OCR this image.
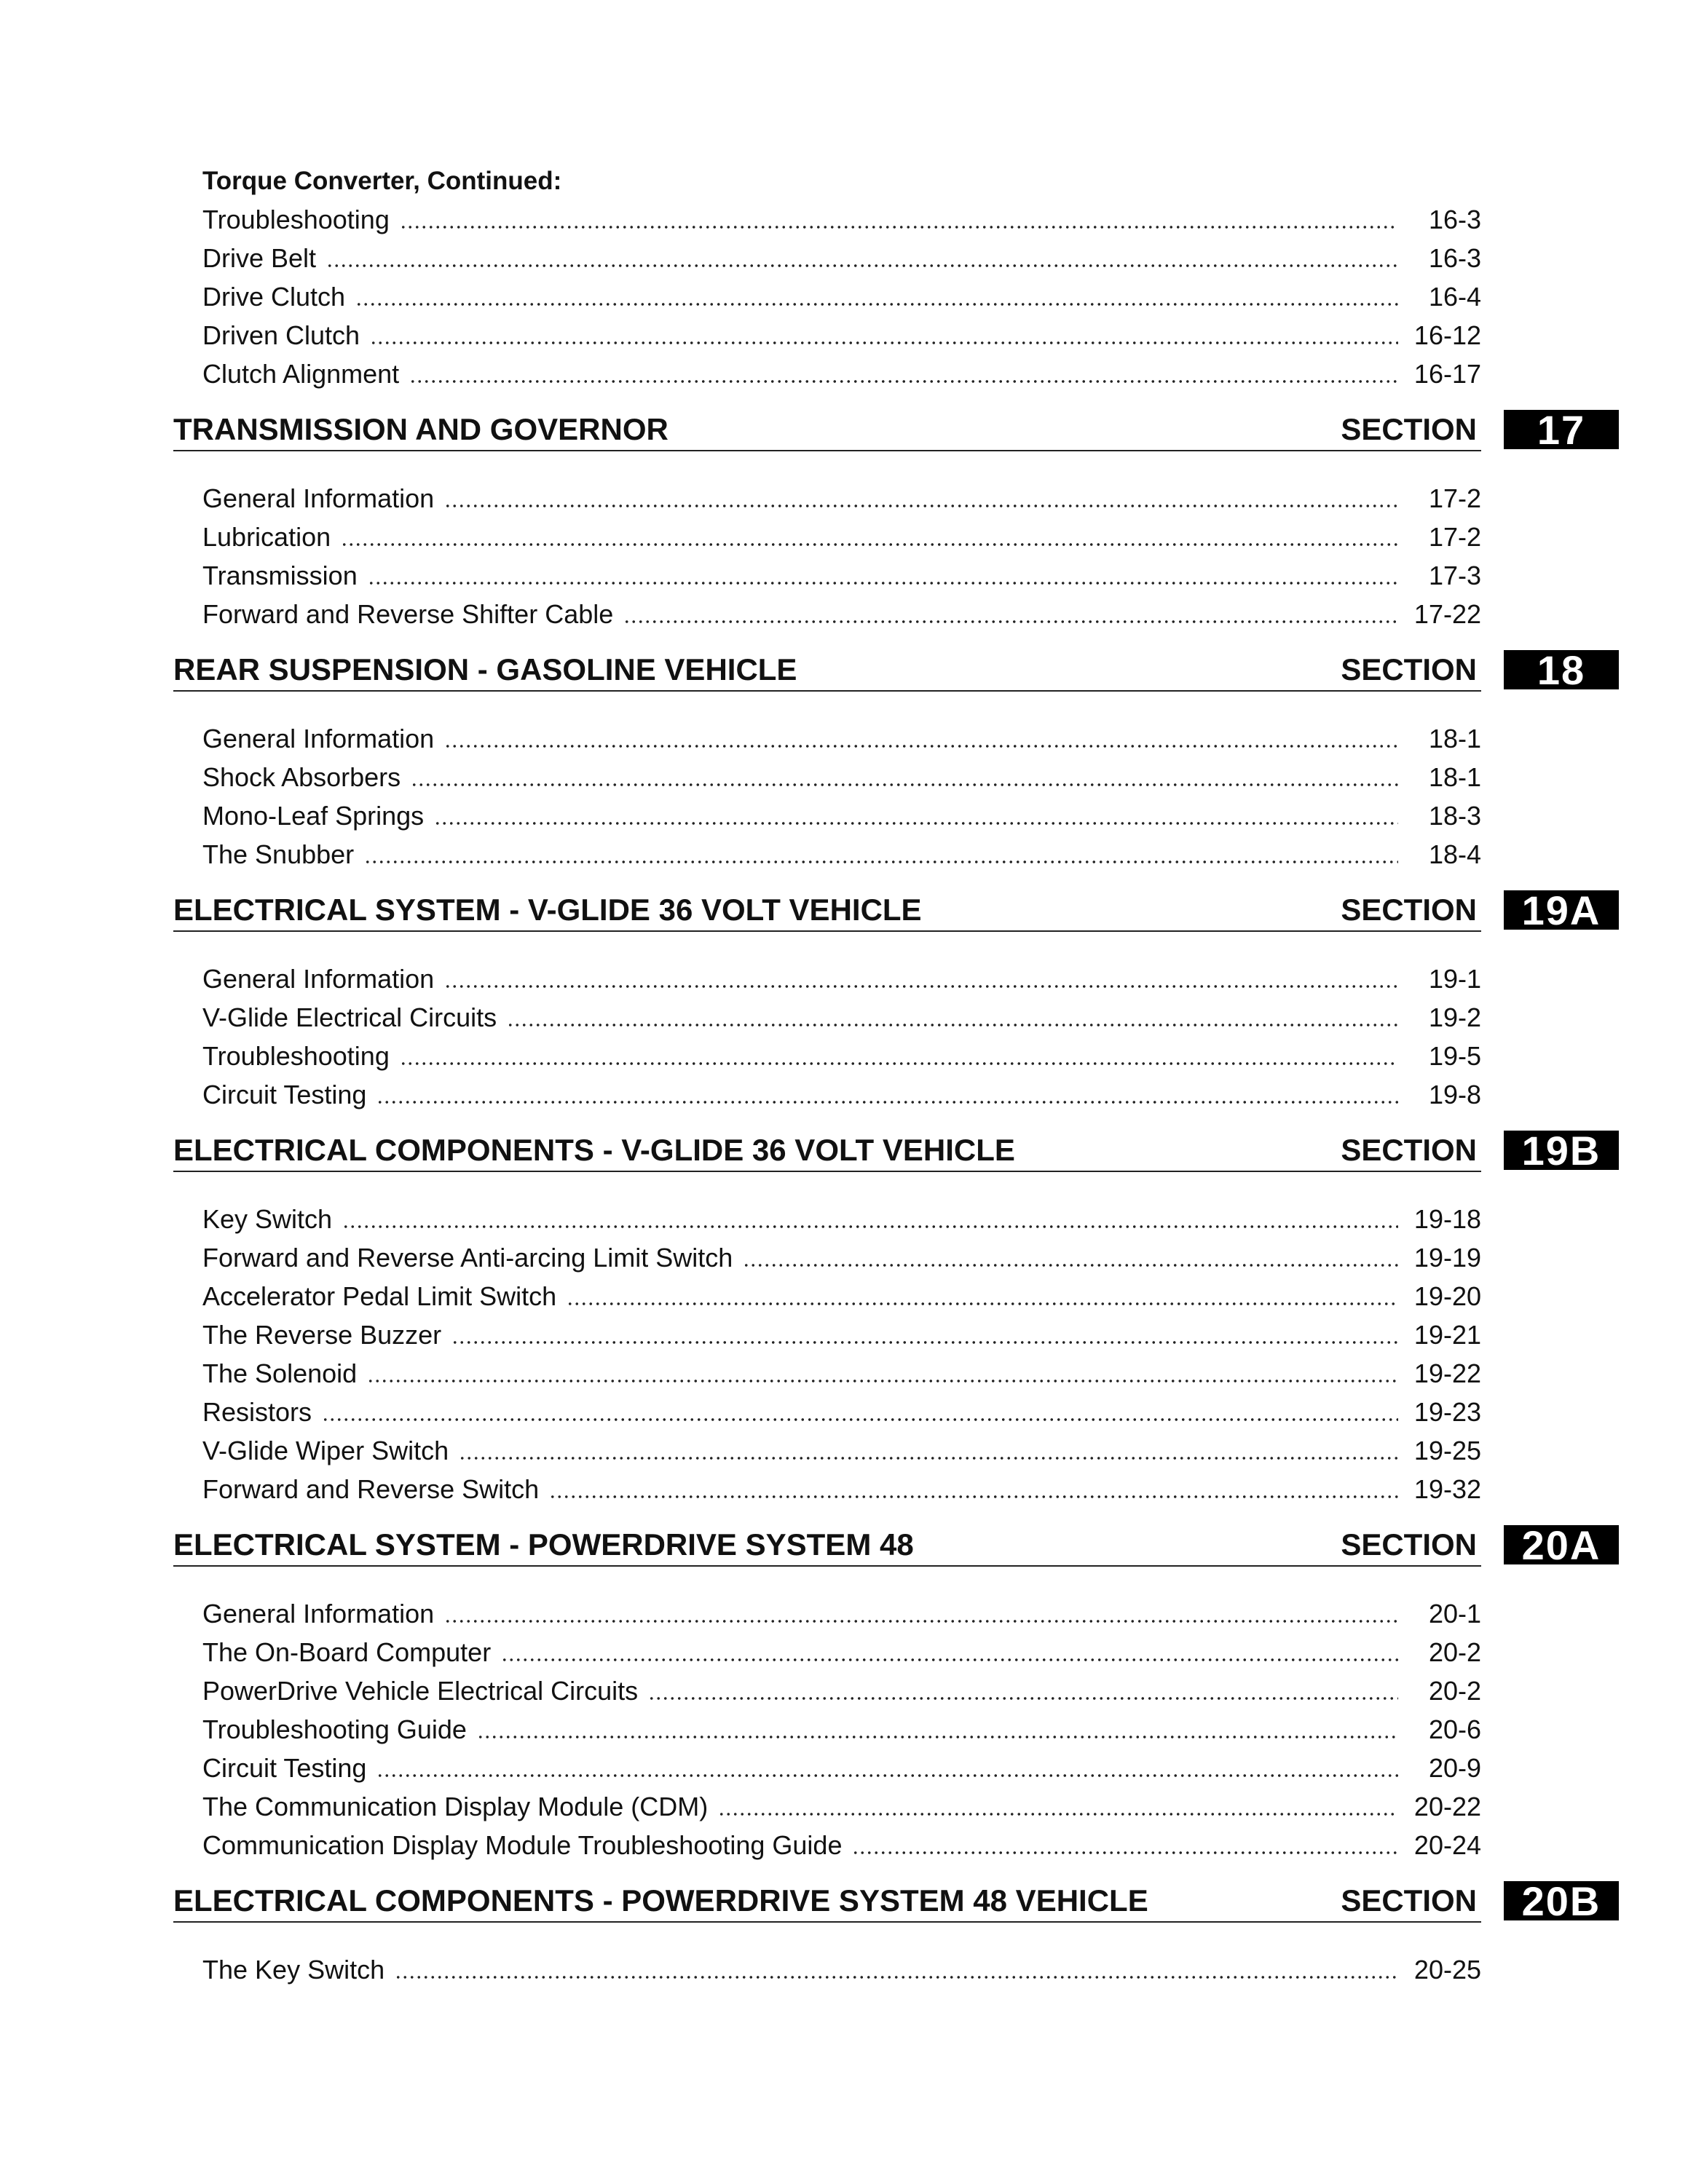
Torque Converter, Continued:
Troubleshooting	16-3
Drive Belt	16-3
Drive Clutch	16-4
Driven Clutch	16-12
Clutch Alignment	16-17
TRANSMISSION AND GOVERNOR	SECTION	17
General Information	17-2
Lubrication	17-2
Transmission	17-3
Forward and Reverse Shifter Cable	17-22
REAR SUSPENSION - GASOLINE VEHICLE	SECTION	18
General Information	18-1
Shock Absorbers	18-1
Mono-Leaf Springs	18-3
The Snubber	18-4
ELECTRICAL SYSTEM - V-GLIDE 36 VOLT VEHICLE	SECTION	19A
General Information	19-1
V-Glide Electrical Circuits	19-2
Troubleshooting	19-5
Circuit Testing	19-8
ELECTRICAL COMPONENTS - V-GLIDE 36 VOLT VEHICLE	SECTION	19B
Key Switch	19-18
Forward and Reverse Anti-arcing Limit Switch	19-19
Accelerator Pedal Limit Switch	19-20
The Reverse Buzzer	19-21
The Solenoid	19-22
Resistors	19-23
V-Glide Wiper Switch	19-25
Forward and Reverse Switch	19-32
ELECTRICAL SYSTEM - POWERDRIVE SYSTEM 48	SECTION	20A
General Information	20-1
The On-Board Computer	20-2
PowerDrive Vehicle Electrical Circuits	20-2
Troubleshooting Guide	20-6
Circuit Testing	20-9
The Communication Display Module (CDM)	20-22
Communication Display Module Troubleshooting Guide	20-24
ELECTRICAL COMPONENTS - POWERDRIVE SYSTEM 48 VEHICLE	SECTION	20B
The Key Switch	20-25
